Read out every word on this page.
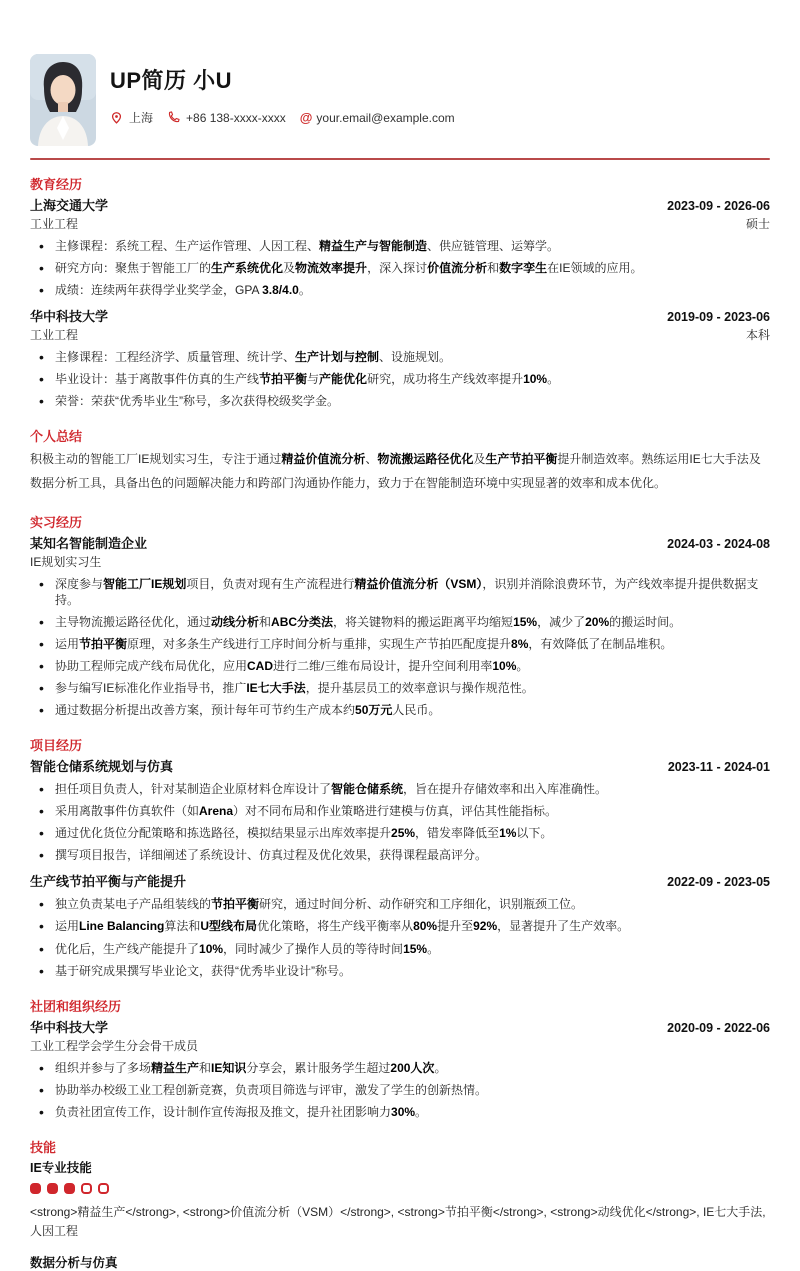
UP简历 小U
上海	+86 138-xxxx-xxxx @ your.email@example.com
教育经历
上海交通大学	2023-09 - 2026-06
工业工程	硕士
• 主修课程：系统工程、生产运作管理、人因工程、精益生产与智能制造、供应链管理、运筹学。
• 研究方向：聚焦于智能工厂的生产系统优化及物流效率提升，深入探讨价值流分析和数字孪生在IE领域的应用。
• 成绩：连续两年获得学业奖学金，GPA 3.8/4.0。
华中科技大学	2019-09 - 2023-06
工业工程	本科
• 主修课程：工程经济学、质量管理、统计学、生产计划与控制、设施规划。
• 毕业设计：基于离散事件仿真的生产线节拍平衡与产能优化研究，成功将生产线效率提升10%。
• 荣誉：荣获“优秀毕业生”称号，多次获得校级奖学金。
个人总结
积极主动的智能工厂IE规划实习生，专注于通过精益价值流分析、物流搬运路径优化及生产节拍平衡提升制造效率。熟练运用IE七大手法及数据分析工具，具备出色的问题解决能力和跨部门沟通协作能力，致力于在智能制造环境中实现显著的效率和成本优化。
实习经历
某知名智能制造企业	2024-03 - 2024-08
IE规划实习生
• 深度参与智能工厂IE规划项目，负责对现有生产流程进行精益价值流分析（VSM），识别并消除浪费环节，为产线效率提升提供数据支持。
• 主导物流搬运路径优化，通过动线分析和ABC分类法，将关键物料的搬运距离平均缩短15%，减少了20%的搬运时间。
• 运用节拍平衡原理，对多条生产线进行工序时间分析与重排，实现生产节拍匹配度提升8%，有效降低了在制品堆积。
• 协助工程师完成产线布局优化，应用CAD进行二维/三维布局设计，提升空间利用率10%。
• 参与编写IE标准化作业指导书，推广IE七大手法，提升基层员工的效率意识与操作规范性。
• 通过数据分析提出改善方案，预计每年可节约生产成本约50万元人民币。
项目经历
智能仓储系统规划与仿真	2023-11 - 2024-01
• 担任项目负责人，针对某制造企业原材料仓库设计了智能仓储系统，旨在提升存储效率和出入库准确性。
• 采用离散事件仿真软件（如Arena）对不同布局和作业策略进行建模与仿真，评估其性能指标。
• 通过优化货位分配策略和拣选路径，模拟结果显示出库效率提升25%，错发率降低至1%以下。
• 撰写项目报告，详细阐述了系统设计、仿真过程及优化效果，获得课程最高评分。
生产线节拍平衡与产能提升	2022-09 - 2023-05
• 独立负责某电子产品组装线的节拍平衡研究，通过时间分析、动作研究和工序细化，识别瓶颈工位。
• 运用Line Balancing算法和U型线布局优化策略，将生产线平衡率从80%提升至92%，显著提升了生产效率。
• 优化后，生产线产能提升了10%，同时减少了操作人员的等待时间15%。
• 基于研究成果撰写毕业论文，获得“优秀毕业设计”称号。
社团和组织经历
华中科技大学	2020-09 - 2022-06
工业工程学会学生分会骨干成员
• 组织并参与了多场精益生产和IE知识分享会，累计服务学生超过200人次。
• 协助举办校级工业工程创新竞赛，负责项目筛选与评审，激发了学生的创新热情。
• 负责社团宣传工作，设计制作宣传海报及推文，提升社团影响力30%。
技能
IE专业技能
<strong>精益生产</strong>, <strong>价值流分析（VSM）</strong>, <strong>节拍平衡</strong>, <strong>动线优化</strong>, IE七大手法, 人因工程
数据分析与仿真
